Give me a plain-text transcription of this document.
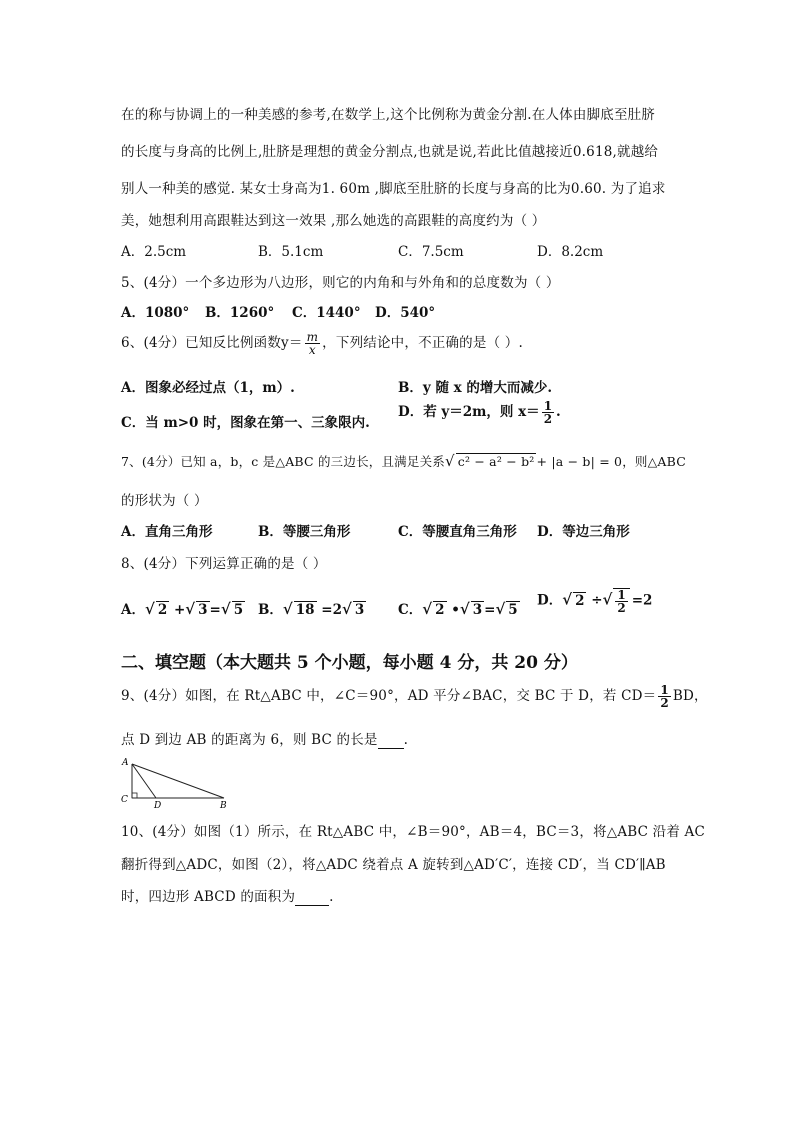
在的称与协调上的一种美感的参考,在数学上,这个比例称为黄金分割.在人体由脚底至肚脐
的长度与身高的比例上,肚脐是理想的黄金分割点,也就是说,若此比值越接近0.618,就越给
别人一种美的感觉. 某女士身高为1. 60m ,脚底至肚脐的长度与身高的比为0.60. 为了追求
美，她想利用高跟鞋达到这一效果 ,那么她选的高跟鞋的高度约为（ ）
A．2.5cm	B．5.1cm	C．7.5cm	D．8.2cm
5、(4分）一个多边形为八边形，则它的内角和与外角和的总度数为（ ）
A．1080° B．1260° C．1440° D．540°
6、(4分）已知反比例函数$y= \frac{m}{x}$ ，下列结论中，不正确的是（ ）.
A．图象必经过点（1，m）.	B．y 随 x 的增大而减少.
C．当 m>0 时，图象在第一、三象限内.
D．若 y＝2m，则 $x= \frac{1}{2}$ .
7、(4分）已知 a，b，c 是△ABC 的三边长，且满足关系√ c² − a² − b² + |a − b| = 0，则△ABC
的形状为（ ）
A．直角三角形	B．等腰三角形	C．等腰直角三角形 D．等边三角形
8、(4分）下列运算正确的是（ ）
A．√ 2 +√ 3 =√ 5 B．√ 18 =2√ 3 C．√ 2 •√ 3 =√ 5
D．√ 2 ÷√ $\frac{1}{2} =2$
二、填空题（本大题共 5 个小题，每小题 4 分，共 20 分）
9、(4分）如图，在 Rt△ABC 中，∠C＝90°，AD 平分∠BAC，交 BC 于 D，若 $CD= \frac{1}{2}$ BD，
点 D 到边 AB 的距离为 6，则 BC 的长是 .
A
C
D	B
10、(4分）如图（1）所示，在 Rt△ABC 中，∠B＝90°，AB＝4，BC＝3，将△ABC 沿着 AC
翻折得到△ADC，如图（2），将△ADC 绕着点 A 旋转到△AD′C′，连接 CD′，当 CD′∥AB
时，四边形 ABCD 的面积为	.
